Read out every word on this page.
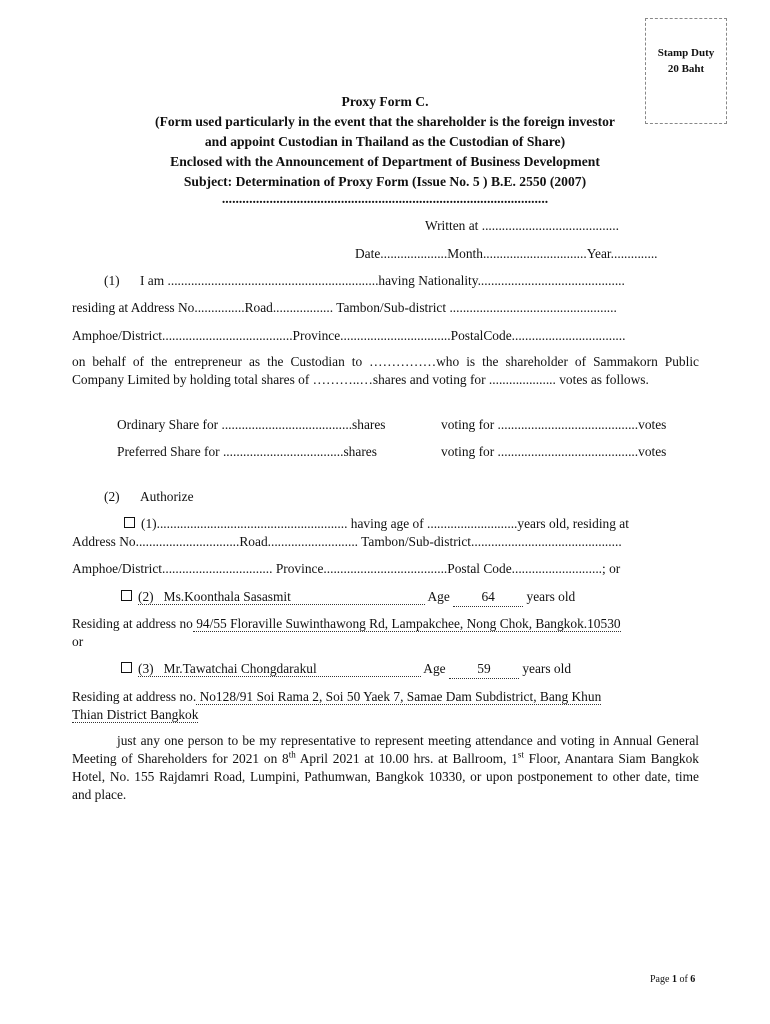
Stamp Duty
20 Baht
Proxy Form C.
(Form used particularly in the event that the shareholder is the foreign investor
and appoint Custodian in Thailand as the Custodian of Share)
Enclosed with the Announcement of Department of Business Development
Subject: Determination of Proxy Form (Issue No. 5 ) B.E. 2550 (2007)
................................................................................................
Written at .........................................
Date....................Month...............................Year..............
(1) I am ...............................................................having Nationality............................................
residing at Address No...............Road.................. Tambon/Sub-district ..................................................
Amphoe/District.......................................Province.................................PostalCode..................................
on behalf of the entrepreneur as the Custodian to ……………who is the shareholder of Sammakorn Public Company Limited by holding total shares of ………..…shares and voting for .................... votes as follows.
Ordinary Share for .......................................shares	voting for ..........................................votes
Preferred Share for ....................................shares	voting for ..........................................votes
(2) Authorize
(1)......................................................... having age of ...........................years old, residing at
Address No...............................Road........................... Tambon/Sub-district.............................................
Amphoe/District................................. Province.....................................Postal Code...........................; or
(2) Ms.Koonthala Sasasmit	Age 64 years old
Residing at address no 94/55 Floraville Suwinthawong Rd, Lampakchee, Nong Chok, Bangkok.10530
or
(3) Mr.Tawatchai Chongdarakul	Age 59 years old
Residing at address no. No128/91 Soi Rama 2, Soi 50 Yaek 7, Samae Dam Subdistrict, Bang Khun
Thian District Bangkok
just any one person to be my representative to represent meeting attendance and voting in Annual General Meeting of Shareholders for 2021 on 8th April 2021 at 10.00 hrs. at Ballroom, 1st Floor, Anantara Siam Bangkok Hotel, No. 155 Rajdamri Road, Lumpini, Pathumwan, Bangkok 10330, or upon postponement to other date, time and place.
Page 1 of 6
